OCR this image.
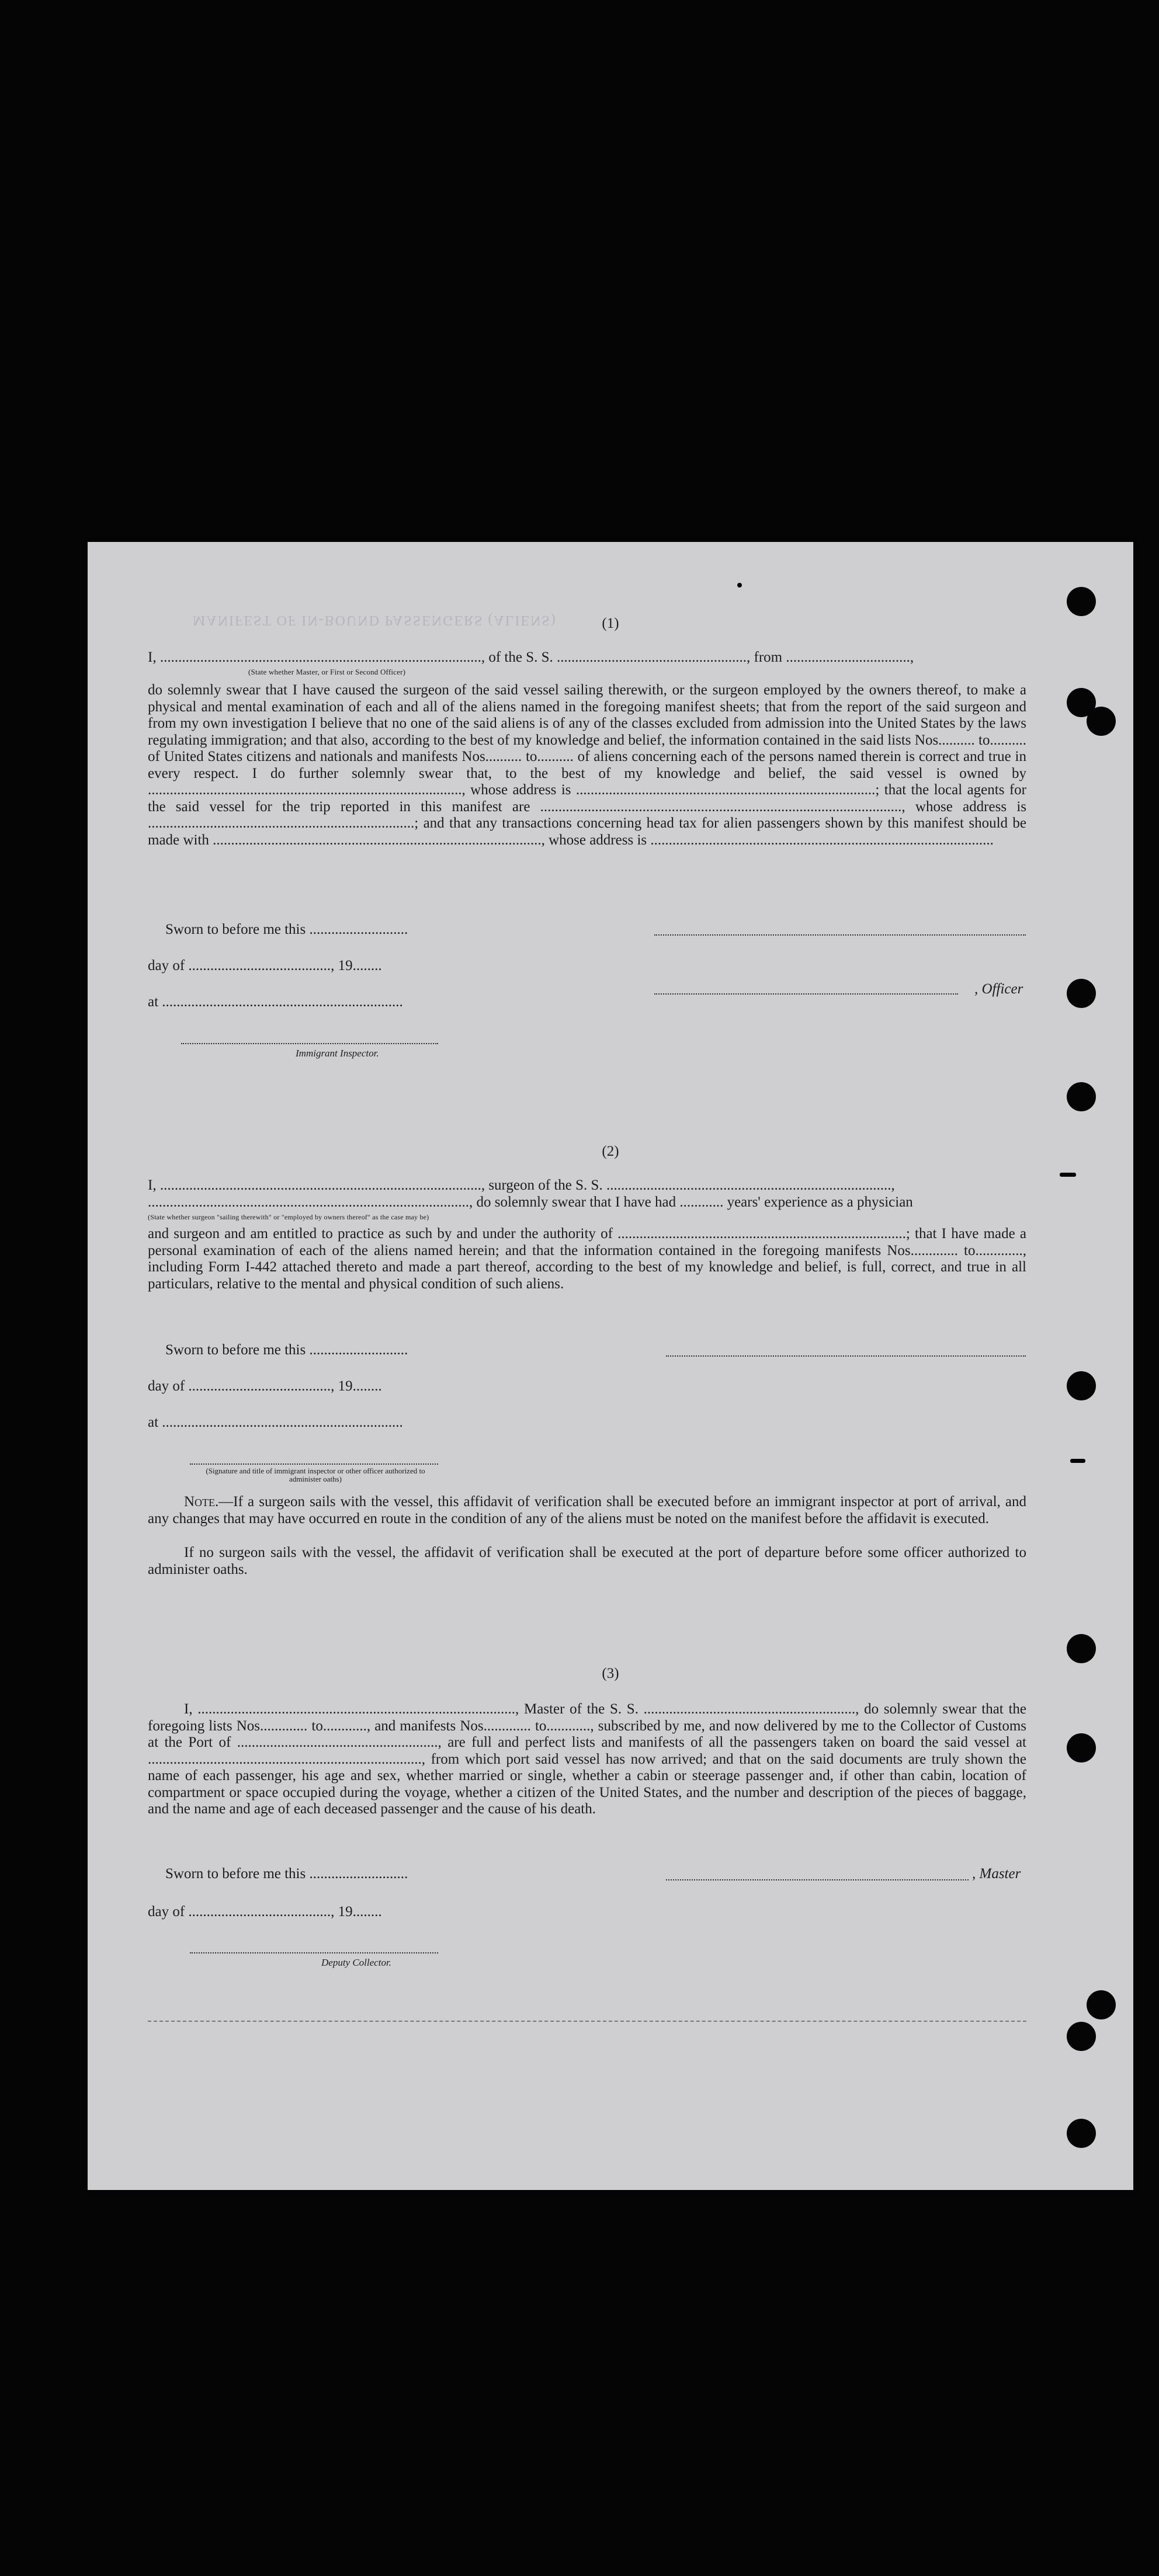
MANIFEST OF IN-BOUND PASSENGERS (ALIENS)	(1)
I, ........................................................................................, of the S. S. ...................................................., from ..................................,
(State whether Master, or First or Second Officer)
do solemnly swear that I have caused the surgeon of the said vessel sailing therewith, or the surgeon employed by the owners thereof, to make a physical and mental examination of each and all of the aliens named in the foregoing manifest sheets; that from the report of the said surgeon and from my own investigation I believe that no one of the said aliens is of any of the classes excluded from admission into the United States by the laws regulating immigration; and that also, according to the best of my knowledge and belief, the information contained in the said lists Nos.......... to.......... of United States citizens and nationals and manifests Nos.......... to.......... of aliens concerning each of the persons named therein is correct and true in every respect. I do further solemnly swear that, to the best of my knowledge and belief, the said vessel is owned by ......................................................................................, whose address is ..................................................................................; that the local agents for the said vessel for the trip reported in this manifest are ..................................................................................................., whose address is .........................................................................; and that any transactions concerning head tax for alien passengers shown by this manifest should be made with .........................................................................................., whose address is ..............................................................................................
Sworn to before me this ...........................
day of ......................................., 19........
, Officer
at ..................................................................
Immigrant Inspector.
(2)
I, ........................................................................................, surgeon of the S. S. ..............................................................................,
........................................................................................, do solemnly swear that I have had ............ years' experience as a physician
(State whether surgeon "sailing therewith" or "employed by owners thereof" as the case may be)
and surgeon and am entitled to practice as such by and under the authority of ...............................................................................; that I have made a personal examination of each of the aliens named herein; and that the information contained in the foregoing manifests Nos............. to............., including Form I-442 attached thereto and made a part thereof, according to the best of my knowledge and belief, is full, correct, and true in all particulars, relative to the mental and physical condition of such aliens.
Sworn to before me this ...........................
day of ......................................., 19........
at ..................................................................
(Signature and title of immigrant inspector or other officer authorized to administer oaths)
Note.—If a surgeon sails with the vessel, this affidavit of verification shall be executed before an immigrant inspector at port of arrival, and any changes that may have occurred en route in the condition of any of the aliens must be noted on the manifest before the affidavit is executed.
If no surgeon sails with the vessel, the affidavit of verification shall be executed at the port of departure before some officer authorized to administer oaths.
(3)
I, ......................................................................................., Master of the S. S. .........................................................., do solemnly swear that the foregoing lists Nos............. to............, and manifests Nos............. to............, subscribed by me, and now delivered by me to the Collector of Customs at the Port of ......................................................., are full and perfect lists and manifests of all the passengers taken on board the said vessel at ..........................................................................., from which port said vessel has now arrived; and that on the said documents are truly shown the name of each passenger, his age and sex, whether married or single, whether a cabin or steerage passenger and, if other than cabin, location of compartment or space occupied during the voyage, whether a citizen of the United States, and the number and description of the pieces of baggage, and the name and age of each deceased passenger and the cause of his death.
Sworn to before me this ...........................	, Master
day of ......................................., 19........
Deputy Collector.
